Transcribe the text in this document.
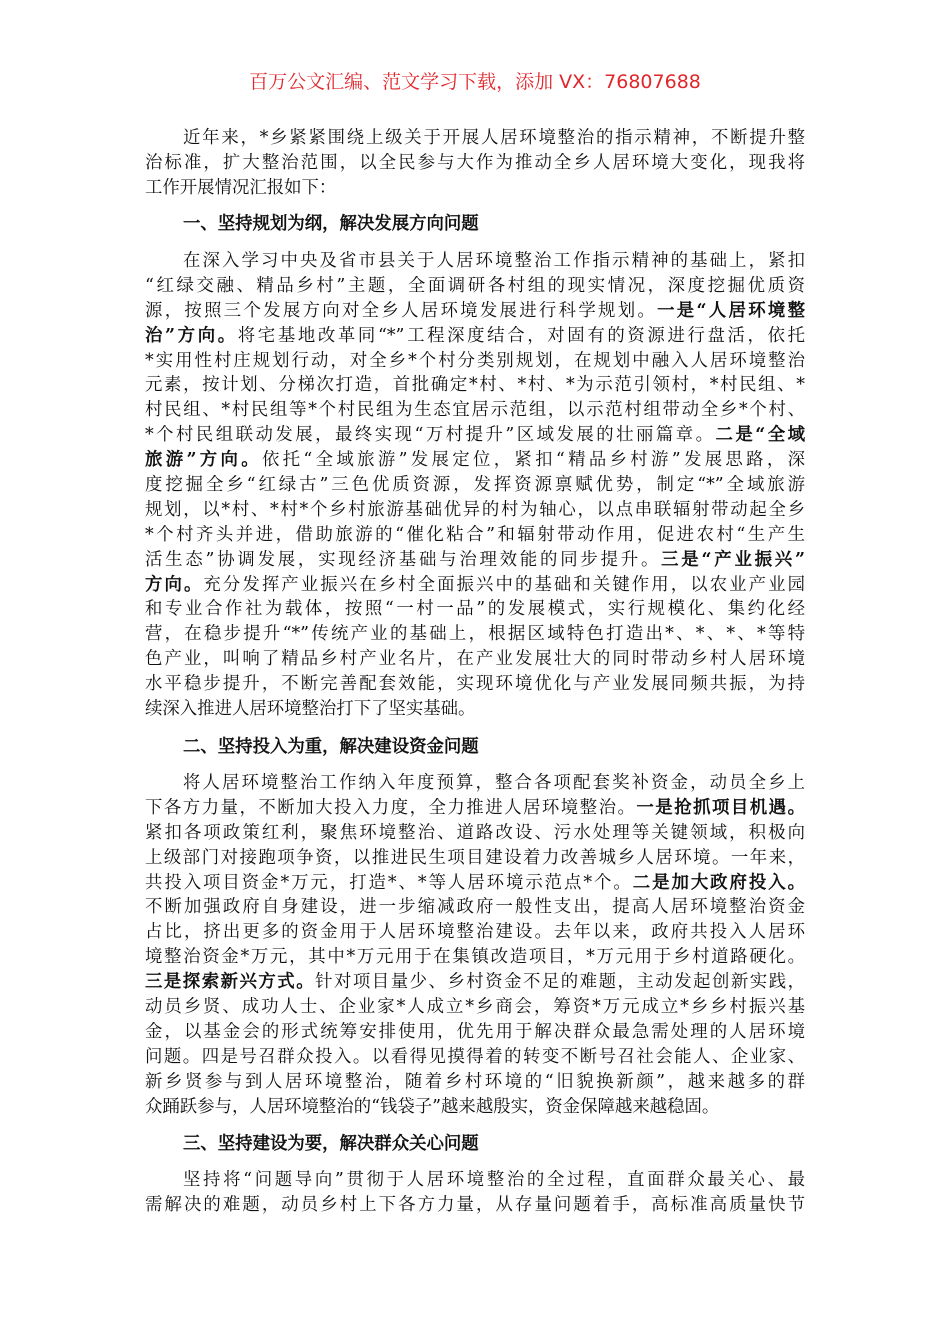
百万公文汇编、范文学习下载，添加 VX：76807688
近年来，*乡紧紧围绕上级关于开展人居环境整治的指示精神，不断提升整
治标准，扩大整治范围，以全民参与大作为推动全乡人居环境大变化，现我将
工作开展情况汇报如下：
一、坚持规划为纲，解决发展方向问题
在深入学习中央及省市县关于人居环境整治工作指示精神的基础上，紧扣
“红绿交融、精品乡村”主题，全面调研各村组的现实情况，深度挖掘优质资
源，按照三个发展方向对全乡人居环境发展进行科学规划。一是“人居环境整
治”方向。将宅基地改革同“*”工程深度结合，对固有的资源进行盘活，依托
*实用性村庄规划行动，对全乡*个村分类别规划，在规划中融入人居环境整治
元素，按计划、分梯次打造，首批确定*村、*村、*为示范引领村，*村民组、*
村民组、*村民组等*个村民组为生态宜居示范组，以示范村组带动全乡*个村、
*个村民组联动发展，最终实现“万村提升”区域发展的壮丽篇章。二是“全域
旅游”方向。依托“全域旅游”发展定位，紧扣“精品乡村游”发展思路，深
度挖掘全乡“红绿古”三色优质资源，发挥资源禀赋优势，制定“*”全域旅游
规划，以*村、*村*个乡村旅游基础优异的村为轴心，以点串联辐射带动起全乡
*个村齐头并进，借助旅游的“催化粘合”和辐射带动作用，促进农村“生产生
活生态”协调发展，实现经济基础与治理效能的同步提升。三是“产业振兴”
方向。充分发挥产业振兴在乡村全面振兴中的基础和关键作用，以农业产业园
和专业合作社为载体，按照“一村一品”的发展模式，实行规模化、集约化经
营，在稳步提升“*”传统产业的基础上，根据区域特色打造出*、*、*、*等特
色产业，叫响了精品乡村产业名片，在产业发展壮大的同时带动乡村人居环境
水平稳步提升，不断完善配套效能，实现环境优化与产业发展同频共振，为持
续深入推进人居环境整治打下了坚实基础。
二、坚持投入为重，解决建设资金问题
将人居环境整治工作纳入年度预算，整合各项配套奖补资金，动员全乡上
下各方力量，不断加大投入力度，全力推进人居环境整治。一是抢抓项目机遇。
紧扣各项政策红利，聚焦环境整治、道路改设、污水处理等关键领域，积极向
上级部门对接跑项争资，以推进民生项目建设着力改善城乡人居环境。一年来，
共投入项目资金*万元，打造*、*等人居环境示范点*个。二是加大政府投入。
不断加强政府自身建设，进一步缩减政府一般性支出，提高人居环境整治资金
占比，挤出更多的资金用于人居环境整治建设。去年以来，政府共投入人居环
境整治资金*万元，其中*万元用于在集镇改造项目，*万元用于乡村道路硬化。
三是探索新兴方式。针对项目量少、乡村资金不足的难题，主动发起创新实践，
动员乡贤、成功人士、企业家*人成立*乡商会，筹资*万元成立*乡乡村振兴基
金，以基金会的形式统筹安排使用，优先用于解决群众最急需处理的人居环境
问题。四是号召群众投入。以看得见摸得着的转变不断号召社会能人、企业家、
新乡贤参与到人居环境整治，随着乡村环境的“旧貌换新颜”，越来越多的群
众踊跃参与，人居环境整治的“钱袋子”越来越殷实，资金保障越来越稳固。
三、坚持建设为要，解决群众关心问题
坚持将“问题导向”贯彻于人居环境整治的全过程，直面群众最关心、最
需解决的难题，动员乡村上下各方力量，从存量问题着手，高标准高质量快节
